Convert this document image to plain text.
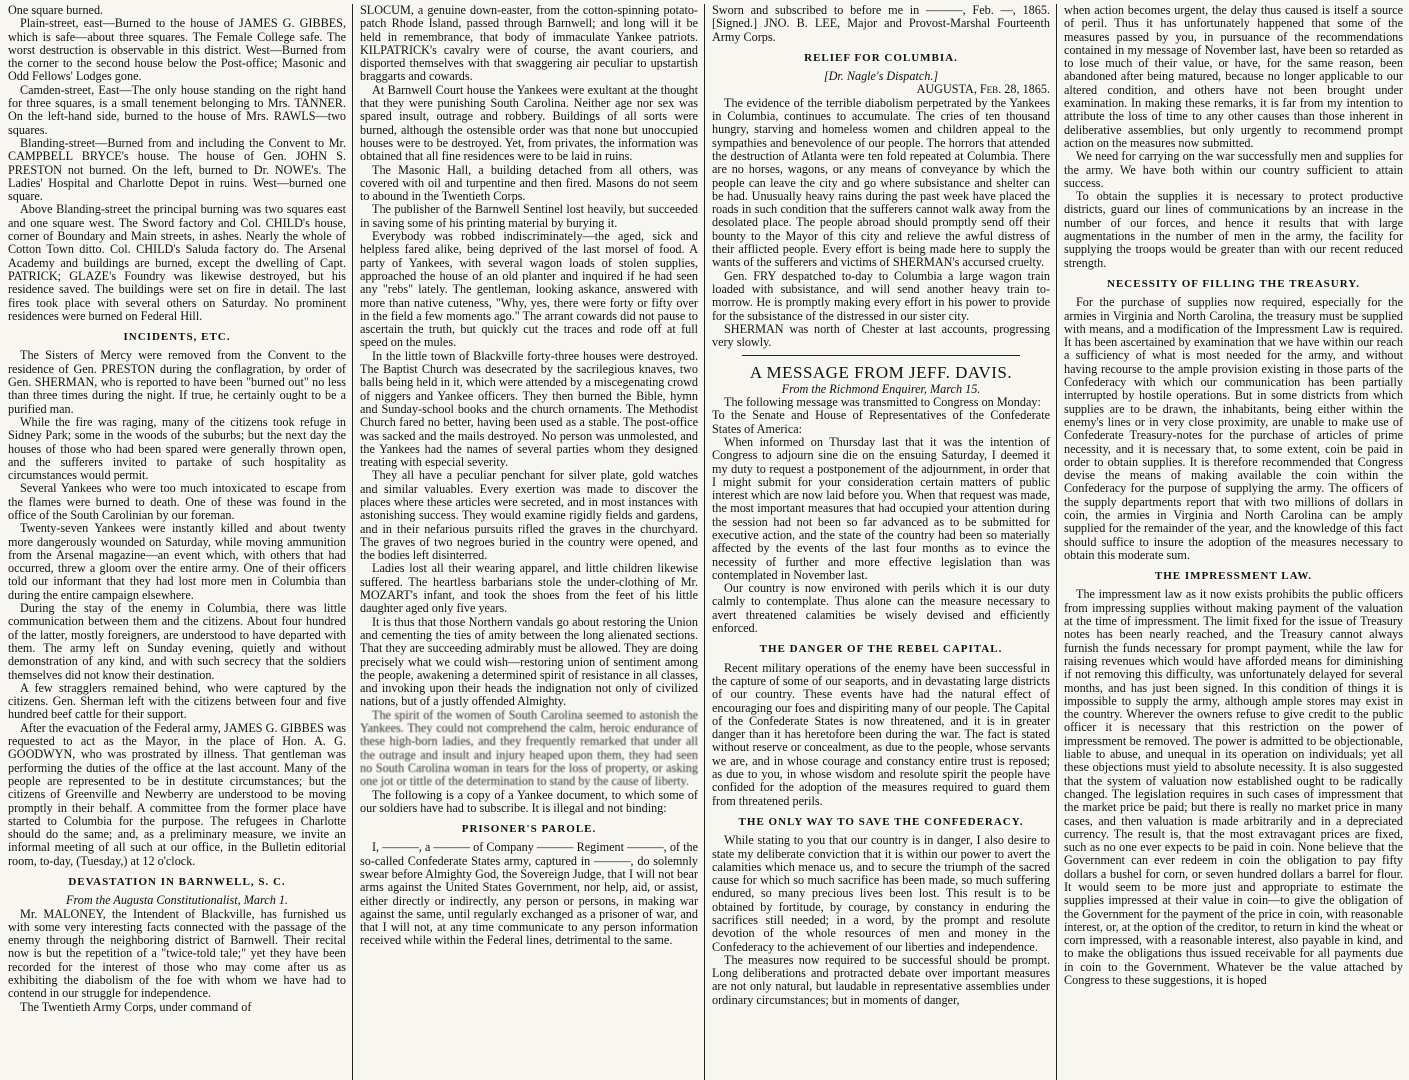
One square burned.

Plain-street, east—Burned to the house of JAMES G. GIBBES, which is safe—about three squares. The Female College safe. The worst destruction is observable in this district. West—Burned from the corner to the second house below the Post-office; Masonic and Odd Fellows' Lodges gone.

Camden-street, East—The only house standing on the right hand for three squares, is a small tenement belonging to Mrs. TANNER. On the left-hand side, burned to the house of Mrs. RAWLS—two squares.

Blanding-street—Burned from and including the Convent to Mr. CAMPBELL BRYCE's house. The house of Gen. JOHN S. PRESTON not burned. On the left, burned to Dr. NOWE's. The Ladies' Hospital and Charlotte Depot in ruins. West—burned one square.

Above Blanding-street the principal burning was two squares east and one square west. The Sword factory and Col. CHILD's house, corner of Boundary and Main streets, in ashes. Nearly the whole of Cotton Town ditto. Col. CHILD's Saluda factory do. The Arsenal Academy and buildings are burned, except the dwelling of Capt. PATRICK; GLAZE's Foundry was likewise destroyed, but his residence saved. The buildings were set on fire in detail. The last fires took place with several others on Saturday. No prominent residences were burned on Federal Hill.

INCIDENTS, ETC.

The Sisters of Mercy were removed from the Convent to the residence of Gen. PRESTON during the conflagration, by order of Gen. SHERMAN, who is reported to have been "burned out" no less than three times during the night. If true, he certainly ought to be a purified man.

While the fire was raging, many of the citizens took refuge in Sidney Park; some in the woods of the suburbs; but the next day the houses of those who had been spared were generally thrown open, and the sufferers invited to partake of such hospitality as circumstances would permit.

Several Yankees who were too much intoxicated to escape from the flames were burned to death. One of these was found in the office of the South Carolinian by our foreman.

Twenty-seven Yankees were instantly killed and about twenty more dangerously wounded on Saturday, while moving ammunition from the Arsenal magazine—an event which, with others that had occurred, threw a gloom over the entire army. One of their officers told our informant that they had lost more men in Columbia than during the entire campaign elsewhere.

During the stay of the enemy in Columbia, there was little communication between them and the citizens. About four hundred of the latter, mostly foreigners, are understood to have departed with them. The army left on Sunday evening, quietly and without demonstration of any kind, and with such secrecy that the soldiers themselves did not know their destination.

A few stragglers remained behind, who were captured by the citizens. Gen. Sherman left with the citizens between four and five hundred beef cattle for their support.

After the evacuation of the Federal army, JAMES G. GIBBES was requested to act as the Mayor, in the place of Hon. A. G. GOODWYN, who was prostrated by illness. That gentleman was performing the duties of the office at the last account. Many of the people are represented to be in destitute circumstances; but the citizens of Greenville and Newberry are understood to be moving promptly in their behalf. A committee from the former place have started to Columbia for the purpose. The refugees in Charlotte should do the same; and, as a preliminary measure, we invite an informal meeting of all such at our office, in the Bulletin editorial room, to-day, (Tuesday,) at 12 o'clock.

DEVASTATION IN BARNWELL, S. C.

From the Augusta Constitutionalist, March 1.

Mr. MALONEY, the Intendent of Blackville, has furnished us with some very interesting facts connected with the passage of the enemy through the neighboring district of Barnwell. Their recital now is but the repetition of a "twice-told tale;" yet they have been recorded for the interest of those who may come after us as exhibiting the diabolism of the foe with whom we have had to contend in our struggle for independence.

The Twentieth Army Corps, under command of

SLOCUM, a genuine down-easter, from the cotton-spinning potato-patch Rhode Island, passed through Barnwell; and long will it be held in remembrance, that body of immaculate Yankee patriots. KILPATRICK's cavalry were of course, the avant couriers, and disported themselves with that swaggering air peculiar to upstartish braggarts and cowards.

At Barnwell Court house the Yankees were exultant at the thought that they were punishing South Carolina. Neither age nor sex was spared insult, outrage and robbery. Buildings of all sorts were burned, although the ostensible order was that none but unoccupied houses were to be destroyed. Yet, from privates, the information was obtained that all fine residences were to be laid in ruins.

The Masonic Hall, a building detached from all others, was covered with oil and turpentine and then fired. Masons do not seem to abound in the Twentieth Corps.

The publisher of the Barnwell Sentinel lost heavily, but succeeded in saving some of his printing material by burying it.

Everybody was robbed indiscriminately—the aged, sick and helpless fared alike, being deprived of the last morsel of food. A party of Yankees, with several wagon loads of stolen supplies, approached the house of an old planter and inquired if he had seen any "rebs" lately. The gentleman, looking askance, answered with more than native cuteness, "Why, yes, there were forty or fifty over in the field a few moments ago." The arrant cowards did not pause to ascertain the truth, but quickly cut the traces and rode off at full speed on the mules.

In the little town of Blackville forty-three houses were destroyed. The Baptist Church was desecrated by the sacrilegious knaves, two balls being held in it, which were attended by a miscegenating crowd of niggers and Yankee officers. They then burned the Bible, hymn and Sunday-school books and the church ornaments. The Methodist Church fared no better, having been used as a stable. The post-office was sacked and the mails destroyed. No person was unmolested, and the Yankees had the names of several parties whom they designed treating with especial severity.

They all have a peculiar penchant for silver plate, gold watches and similar valuables. Every exertion was made to discover the places where these articles were secreted, and in most instances with astonishing success. They would examine rigidly fields and gardens, and in their nefarious pursuits rifled the graves in the churchyard. The graves of two negroes buried in the country were opened, and the bodies left disinterred.

Ladies lost all their wearing apparel, and little children likewise suffered. The heartless barbarians stole the under-clothing of Mr. MOZART's infant, and took the shoes from the feet of his little daughter aged only five years.

It is thus that those Northern vandals go about restoring the Union and cementing the ties of amity between the long alienated sections. That they are succeeding admirably must be allowed. They are doing precisely what we could wish—restoring union of sentiment among the people, awakening a determined spirit of resistance in all classes, and invoking upon their heads the indignation not only of civilized nations, but of a justly offended Almighty.

The spirit of the women of South Carolina seemed to astonish the Yankees. They could not comprehend the calm, heroic endurance of these high-born ladies, and they frequently remarked that under all the outrage and insult and injury heaped upon them, they had seen no South Carolina woman in tears for the loss of property, or asking one jot or tittle of the determination to stand by the cause of liberty.

The following is a copy of a Yankee document, to which some of our soldiers have had to subscribe. It is illegal and not binding:

PRISONER'S PAROLE.

I, ———, a ——— of Company ——— Regiment ———, of the so-called Confederate States army, captured in ———, do solemnly swear before Almighty God, the Sovereign Judge, that I will not bear arms against the United States Government, nor help, aid, or assist, either directly or indirectly, any person or persons, in making war against the same, until regularly exchanged as a prisoner of war, and that I will not, at any time communicate to any person information received while within the Federal lines, detrimental to the same.

Sworn and subscribed to before me in ———, Feb. —, 1865. [Signed.] JNO. B. LEE, Major and Provost-Marshal Fourteenth Army Corps.

RELIEF FOR COLUMBIA.

[Dr. Nagle's Dispatch.]

AUGUSTA, Feb. 28, 1865.

The evidence of the terrible diabolism perpetrated by the Yankees in Columbia, continues to accumulate. The cries of ten thousand hungry, starving and homeless women and children appeal to the sympathies and benevolence of our people. The horrors that attended the destruction of Atlanta were ten fold repeated at Columbia. There are no horses, wagons, or any means of conveyance by which the people can leave the city and go where subsistance and shelter can be had. Unusually heavy rains during the past week have placed the roads in such condition that the sufferers cannot walk away from the desolated place. The people abroad should promptly send off their bounty to the Mayor of this city and relieve the awful distress of their afflicted people. Every effort is being made here to supply the wants of the sufferers and victims of SHERMAN's accursed cruelty.

Gen. FRY despatched to-day to Columbia a large wagon train loaded with subsistance, and will send another heavy train to-morrow. He is promptly making every effort in his power to provide for the subsistance of the distressed in our sister city.

SHERMAN was north of Chester at last accounts, progressing very slowly.

A MESSAGE FROM JEFF. DAVIS.

From the Richmond Enquirer, March 15.

The following message was transmitted to Congress on Monday:

To the Senate and House of Representatives of the Confederate States of America:

When informed on Thursday last that it was the intention of Congress to adjourn sine die on the ensuing Saturday, I deemed it my duty to request a postponement of the adjournment, in order that I might submit for your consideration certain matters of public interest which are now laid before you. When that request was made, the most important measures that had occupied your attention during the session had not been so far advanced as to be submitted for executive action, and the state of the country had been so materially affected by the events of the last four months as to evince the necessity of further and more effective legislation than was contemplated in November last.

Our country is now environed with perils which it is our duty calmly to contemplate. Thus alone can the measure necessary to avert threatened calamities be wisely devised and efficiently enforced.

THE DANGER OF THE REBEL CAPITAL.

Recent military operations of the enemy have been successful in the capture of some of our seaports, and in devastating large districts of our country. These events have had the natural effect of encouraging our foes and dispiriting many of our people. The Capital of the Confederate States is now threatened, and it is in greater danger than it has heretofore been during the war. The fact is stated without reserve or concealment, as due to the people, whose servants we are, and in whose courage and constancy entire trust is reposed; as due to you, in whose wisdom and resolute spirit the people have confided for the adoption of the measures required to guard them from threatened perils.

THE ONLY WAY TO SAVE THE CONFEDERACY.

While stating to you that our country is in danger, I also desire to state my deliberate conviction that it is within our power to avert the calamities which menace us, and to secure the triumph of the sacred cause for which so much sacrifice has been made, so much suffering endured, so many precious lives been lost. This result is to be obtained by fortitude, by courage, by constancy in enduring the sacrifices still needed; in a word, by the prompt and resolute devotion of the whole resources of men and money in the Confederacy to the achievement of our liberties and independence.

The measures now required to be successful should be prompt. Long deliberations and protracted debate over important measures are not only natural, but laudable in representative assemblies under ordinary circumstances; but in moments of danger,

when action becomes urgent, the delay thus caused is itself a source of peril. Thus it has unfortunately happened that some of the measures passed by you, in pursuance of the recommendations contained in my message of November last, have been so retarded as to lose much of their value, or have, for the same reason, been abandoned after being matured, because no longer applicable to our altered condition, and others have not been brought under examination. In making these remarks, it is far from my intention to attribute the loss of time to any other causes than those inherent in deliberative assemblies, but only urgently to recommend prompt action on the measures now submitted.

We need for carrying on the war successfully men and supplies for the army. We have both within our country sufficient to attain success.

To obtain the supplies it is necessary to protect productive districts, guard our lines of communications by an increase in the number of our forces, and hence it results that with large augmentations in the number of men in the army, the facility for supplying the troops would be greater than with our recent reduced strength.

NECESSITY OF FILLING THE TREASURY.

For the purchase of supplies now required, especially for the armies in Virginia and North Carolina, the treasury must be supplied with means, and a modification of the Impressment Law is required. It has been ascertained by examination that we have within our reach a sufficiency of what is most needed for the army, and without having recourse to the ample provision existing in those parts of the Confederacy with which our communication has been partially interrupted by hostile operations. But in some districts from which supplies are to be drawn, the inhabitants, being either within the enemy's lines or in very close proximity, are unable to make use of Confederate Treasury-notes for the purchase of articles of prime necessity, and it is necessary that, to some extent, coin be paid in order to obtain supplies. It is therefore recommended that Congress devise the means of making available the coin within the Confederacy for the purpose of supplying the army. The officers of the supply departments report that with two millions of dollars in coin, the armies in Virginia and North Carolina can be amply supplied for the remainder of the year, and the knowledge of this fact should suffice to insure the adoption of the measures necessary to obtain this moderate sum.

THE IMPRESSMENT LAW.

The impressment law as it now exists prohibits the public officers from impressing supplies without making payment of the valuation at the time of impressment. The limit fixed for the issue of Treasury notes has been nearly reached, and the Treasury cannot always furnish the funds necessary for prompt payment, while the law for raising revenues which would have afforded means for diminishing if not removing this difficulty, was unfortunately delayed for several months, and has just been signed. In this condition of things it is impossible to supply the army, although ample stores may exist in the country. Wherever the owners refuse to give credit to the public officer it is necessary that this restriction on the power of impressment be removed. The power is admitted to be objectionable, liable to abuse, and unequal in its operation on individuals; yet all these objections must yield to absolute necessity. It is also suggested that the system of valuation now established ought to be radically changed. The legislation requires in such cases of impressment that the market price be paid; but there is really no market price in many cases, and then valuation is made arbitrarily and in a depreciated currency. The result is, that the most extravagant prices are fixed, such as no one ever expects to be paid in coin. None believe that the Government can ever redeem in coin the obligation to pay fifty dollars a bushel for corn, or seven hundred dollars a barrel for flour. It would seem to be more just and appropriate to estimate the supplies impressed at their value in coin—to give the obligation of the Government for the payment of the price in coin, with reasonable interest, or, at the option of the creditor, to return in kind the wheat or corn impressed, with a reasonable interest, also payable in kind, and to make the obligations thus issued receivable for all payments due in coin to the Government. Whatever be the value attached by Congress to these suggestions, it is hoped
